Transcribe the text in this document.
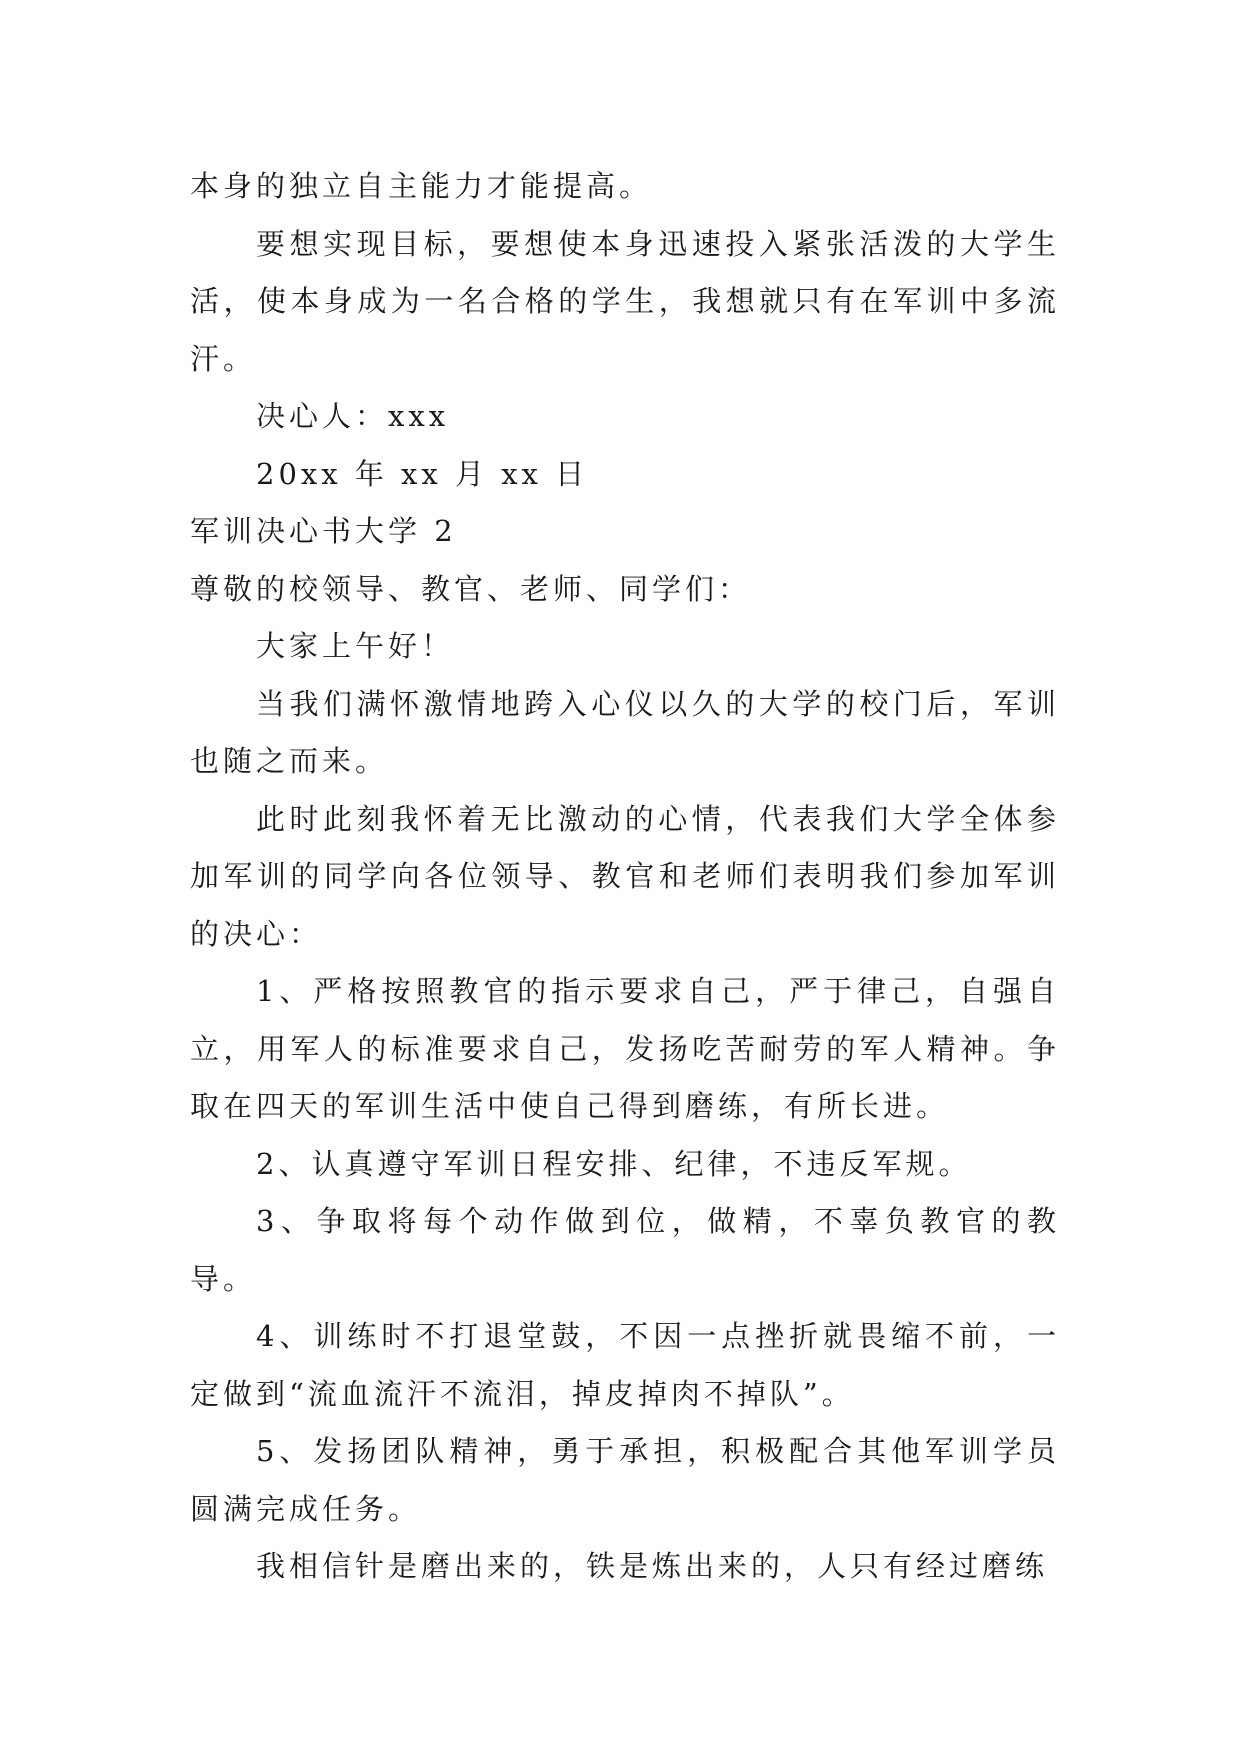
本身的独立自主能力才能提高。

要想实现目标，要想使本身迅速投入紧张活泼的大学生活，使本身成为一名合格的学生，我想就只有在军训中多流汗。

决心人：xxx

20xx 年 xx 月 xx 日

军训决心书大学 2

尊敬的校领导、教官、老师、同学们：

大家上午好！

当我们满怀激情地跨入心仪以久的大学的校门后，军训也随之而来。

此时此刻我怀着无比激动的心情，代表我们大学全体参加军训的同学向各位领导、教官和老师们表明我们参加军训的决心：

1、严格按照教官的指示要求自己，严于律己，自强自立，用军人的标准要求自己，发扬吃苦耐劳的军人精神。争取在四天的军训生活中使自己得到磨练，有所长进。

2、认真遵守军训日程安排、纪律，不违反军规。

3、争取将每个动作做到位，做精，不辜负教官的教导。

4、训练时不打退堂鼓，不因一点挫折就畏缩不前，一定做到“流血流汗不流泪，掉皮掉肉不掉队”。

5、发扬团队精神，勇于承担，积极配合其他军训学员圆满完成任务。

我相信针是磨出来的，铁是炼出来的，人只有经过磨练
